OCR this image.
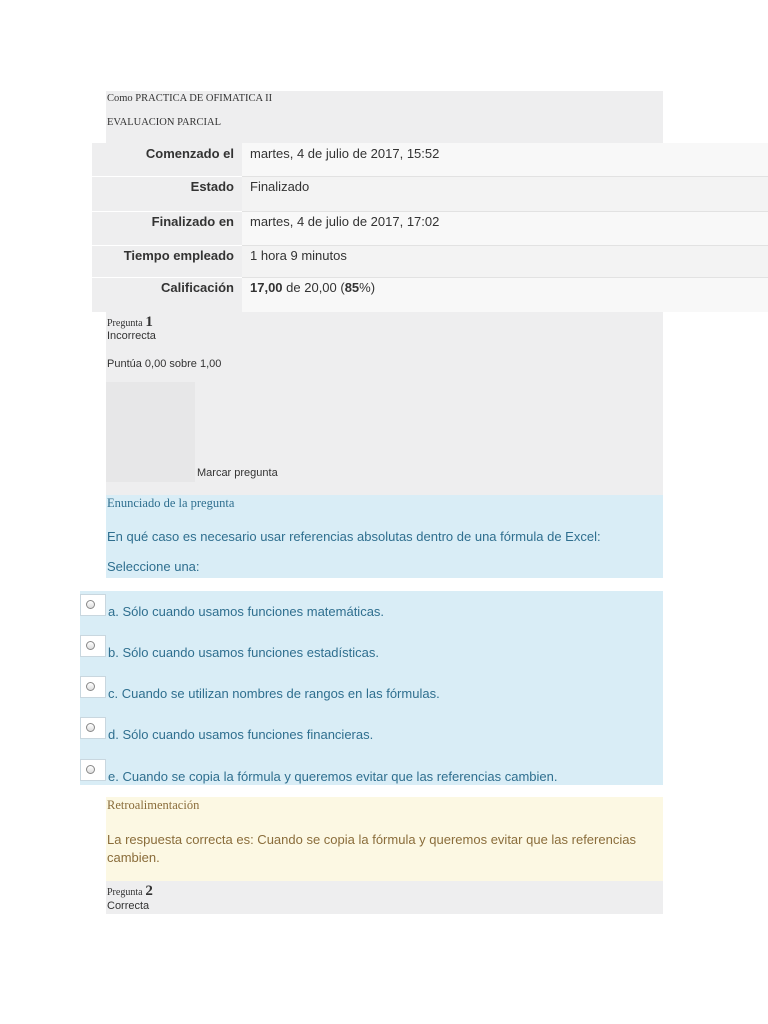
Como PRACTICA DE OFIMATICA II
EVALUACION PARCIAL
Comenzado el martes, 4 de julio de 2017, 15:52
Estado Finalizado
Finalizado en martes, 4 de julio de 2017, 17:02
Tiempo empleado 1 hora 9 minutos
Calificación 17,00 de 20,00 (85%)
Pregunta 1
Incorrecta
Puntúa 0,00 sobre 1,00
Marcar pregunta
Enunciado de la pregunta
En qué caso es necesario usar referencias absolutas dentro de una fórmula de Excel:
Seleccione una:
a. Sólo cuando usamos funciones matemáticas.
b. Sólo cuando usamos funciones estadísticas.
c. Cuando se utilizan nombres de rangos en las fórmulas.
d. Sólo cuando usamos funciones financieras.
e. Cuando se copia la fórmula y queremos evitar que las referencias cambien.
Retroalimentación
La respuesta correcta es: Cuando se copia la fórmula y queremos evitar que las referencias cambien.
Pregunta 2
Correcta
